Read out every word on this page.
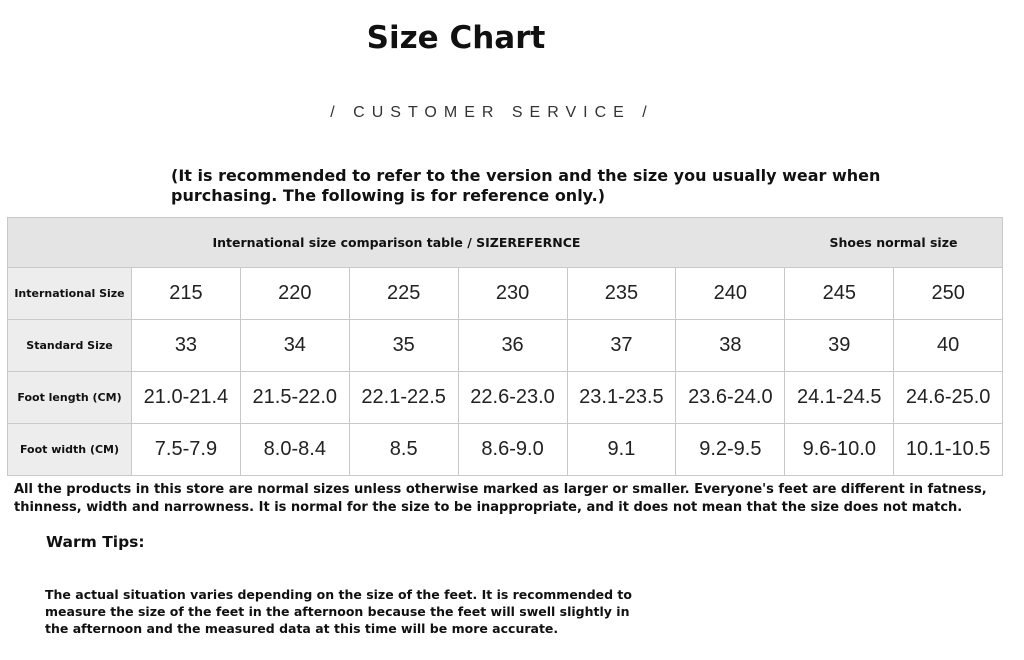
Size Chart
/ CUSTOMER SERVICE /
(It is recommended to refer to the version and the size you usually wear when purchasing. The following is for reference only.)
International size comparison table / SIZEREFERNCE							Shoes normal size	
International Size	215	220	225	230	235	240	245	250
Standard Size	33	34	35	36	37	38	39	40
Foot length (CM)	21.0-21.4	21.5-22.0	22.1-22.5	22.6-23.0	23.1-23.5	23.6-24.0	24.1-24.5	24.6-25.0
Foot width (CM)	7.5-7.9	8.0-8.4	8.5	8.6-9.0	9.1	9.2-9.5	9.6-10.0	10.1-10.5
All the products in this store are normal sizes unless otherwise marked as larger or smaller. Everyone's feet are different in fatness, thinness, width and narrowness. It is normal for the size to be inappropriate, and it does not mean that the size does not match.
Warm Tips:
The actual situation varies depending on the size of the feet. It is recommended to measure the size of the feet in the afternoon because the feet will swell slightly in the afternoon and the measured data at this time will be more accurate.
